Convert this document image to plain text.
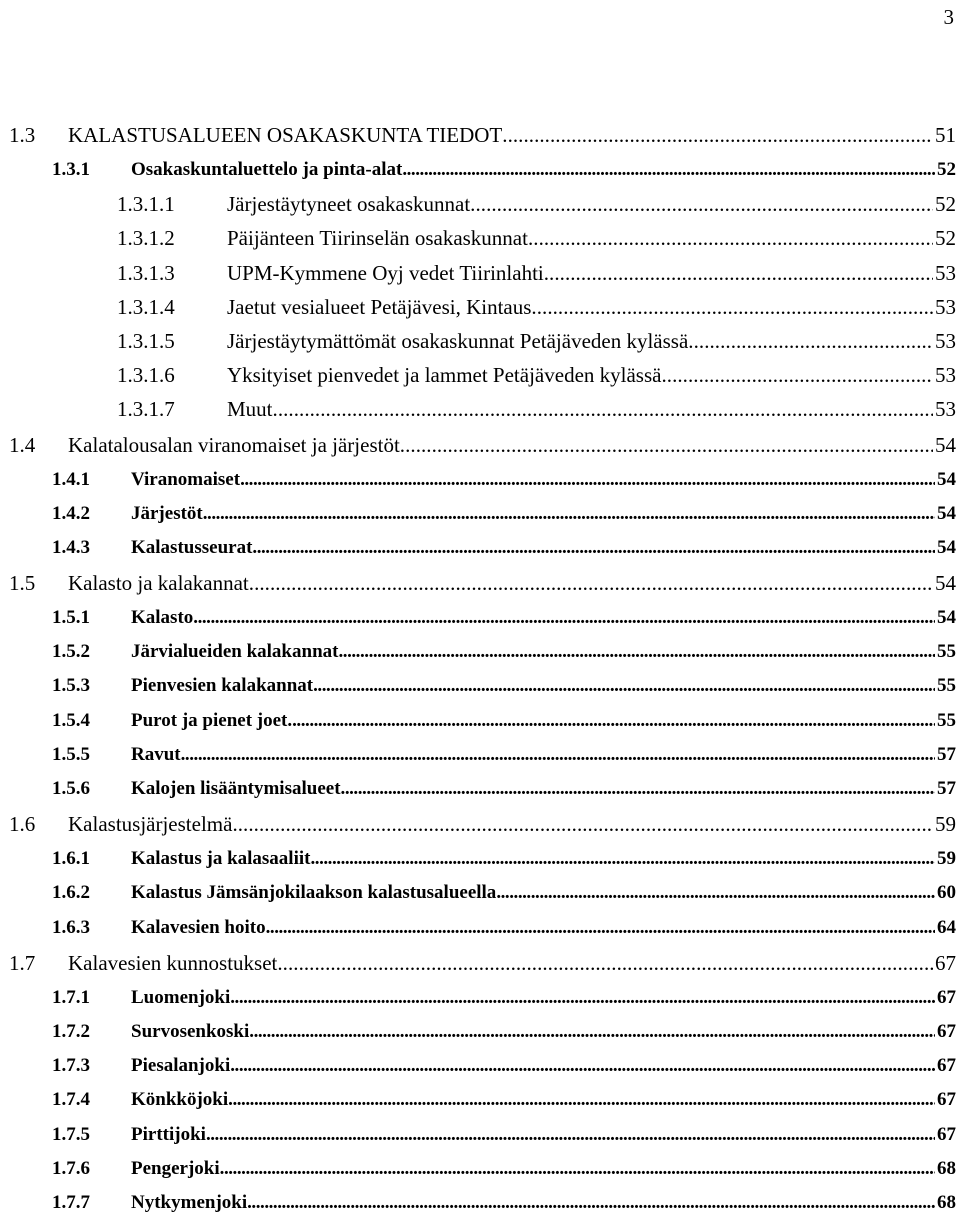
3
1.3	KALASTUSALUEEN OSAKASKUNTA TIEDOT . . .	51
1.3.1	Osakaskuntaluettelo ja pinta-alat . . .	52
1.3.1.1	Järjestäytyneet osakaskunnat . . .	52
1.3.1.2	Päijänteen Tiirinselän osakaskunnat . . .	52
1.3.1.3	UPM-Kymmene Oyj vedet Tiirinlahti . . .	53
1.3.1.4	Jaetut vesialueet Petäjävesi, Kintaus . . .	53
1.3.1.5	Järjestäytymättömät osakaskunnat Petäjäveden kylässä . . .	53
1.3.1.6	Yksityiset pienvedet ja lammet Petäjäveden kylässä . . .	53
1.3.1.7	Muut . . .	53
1.4	Kalatalousalan viranomaiset ja järjestöt . . .	54
1.4.1	Viranomaiset . . .	54
1.4.2	Järjestöt . . .	54
1.4.3	Kalastusseurat . . .	54
1.5	Kalasto ja kalakannat . . .	54
1.5.1	Kalasto . . .	54
1.5.2	Järvialueiden kalakannat . . .	55
1.5.3	Pienvesien kalakannat . . .	55
1.5.4	Purot ja pienet joet. . . .	55
1.5.5	Ravut . . .	57
1.5.6	Kalojen lisääntymisalueet . . .	57
1.6	Kalastusjärjestelmä . . .	59
1.6.1	Kalastus ja kalasaaliit . . .	59
1.6.2	Kalastus Jämsänjokilaakson kalastusalueella . . .	60
1.6.3	Kalavesien hoito . . .	64
1.7	Kalavesien kunnostukset . . .	67
1.7.1	Luomenjoki . . .	67
1.7.2	Survosenkoski . . .	67
1.7.3	Piesalanjoki . . .	67
1.7.4	Könkköjoki . . .	67
1.7.5	Pirttijoki . . .	67
1.7.6	Pengerjoki . . .	68
1.7.7	Nytkymenjoki . . .	68
